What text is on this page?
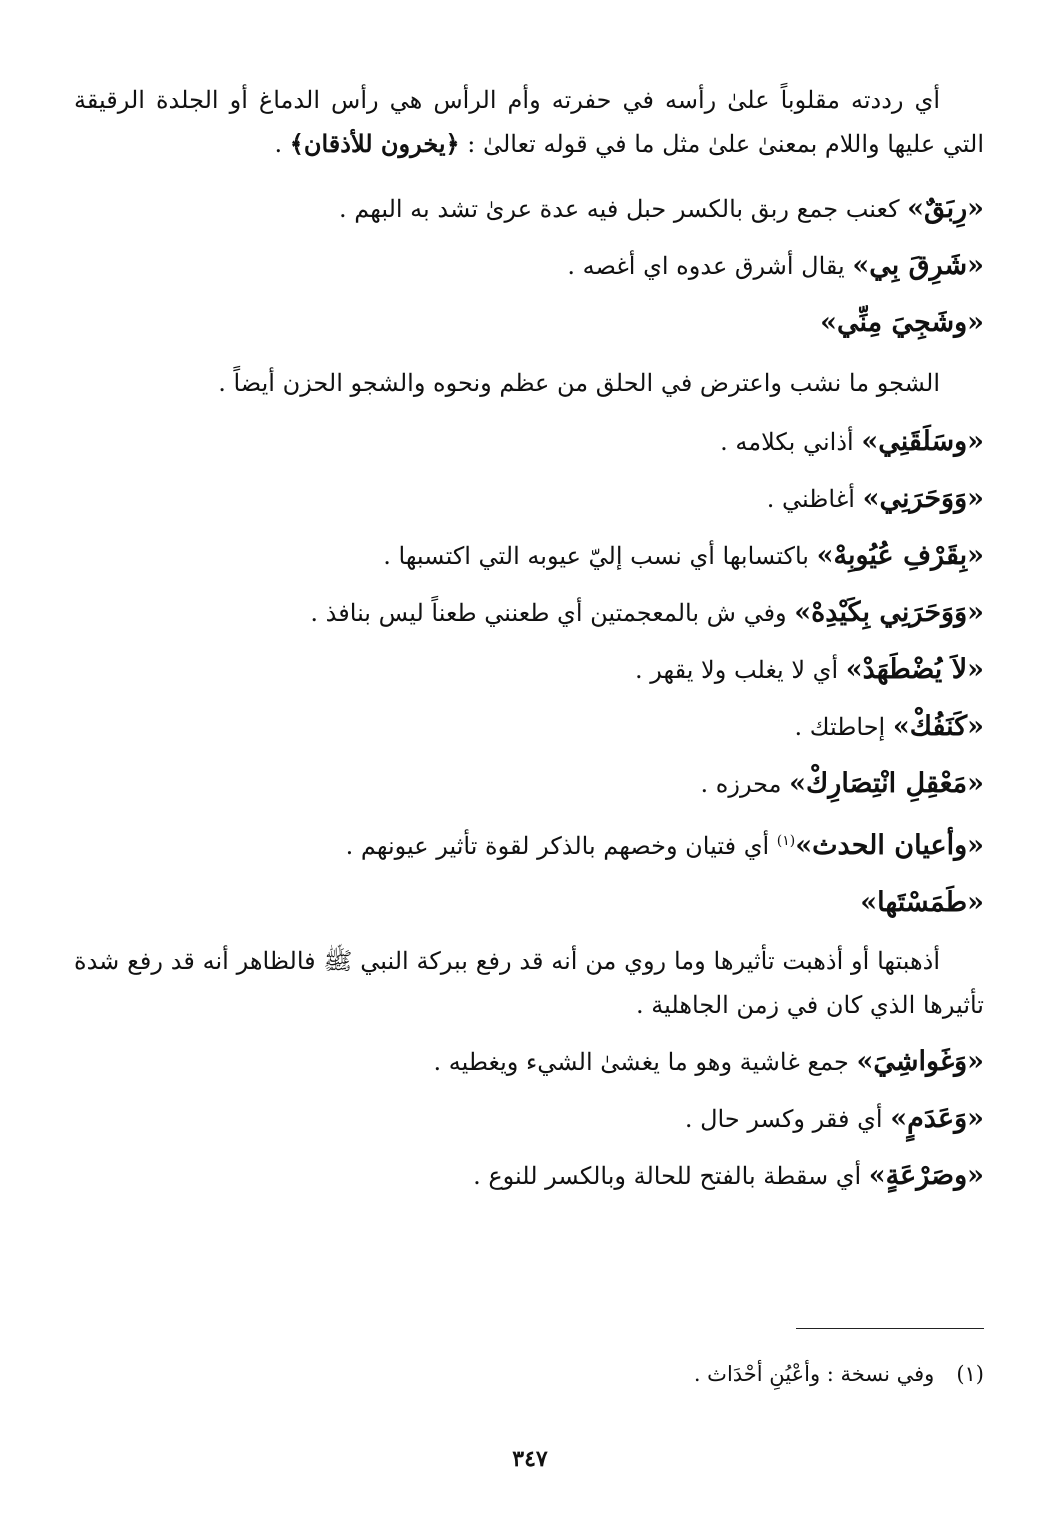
أي رددته مقلوباً علىٰ رأسه في حفرته وأم الرأس هي رأس الدماغ أو الجلدة الرقيقة التي عليها واللام بمعنىٰ علىٰ مثل ما في قوله تعالىٰ : ﴿يخرون للأذقان﴾ .

«رِبَقٌ» كعنب جمع ربق بالكسر حبل فيه عدة عرىٰ تشد به البهم .

«شَرِقَ بِي» يقال أشرق عدوه اي أغصه .

«وشَجِيَ مِنِّي»

الشجو ما نشب واعترض في الحلق من عظم ونحوه والشجو الحزن أيضاً .

«وسَلَقَنِي» أذاني بكلامه .

«وَوَحَرَنِي» أغاظني .

«بِقَرْفِ عُيُوبِهْ» باكتسابها أي نسب إليّ عيوبه التي اكتسبها .

«وَوَحَرَنِي بِكَيْدِهْ» وفي ش بالمعجمتين أي طعنني طعناً ليس بنافذ .

«لاَ يُضْطَهَدْ» أي لا يغلب ولا يقهر .

«كَنَفُكْ» إحاطتك .

«مَعْقِلِ انْتِصَارِكْ» محرزه .

«وأعيان الحدث»$^{(١)}$ أي فتيان وخصهم بالذكر لقوة تأثير عيونهم .

«طَمَسْتَها»

أذهبتها أو أذهبت تأثيرها وما روي من أنه قد رفع ببركة النبي ﷺ فالظاهر أنه قد رفع شدة تأثيرها الذي كان في زمن الجاهلية .

«وَغَواشِيَ» جمع غاشية وهو ما يغشىٰ الشيء ويغطيه .

«وَعَدَمٍ» أي فقر وكسر حال .

«وصَرْعَةٍ» أي سقطة بالفتح للحالة وبالكسر للنوع .

(١)وفي نسخة : وأعْيُنِ أحْدَاث .
٣٤٧
